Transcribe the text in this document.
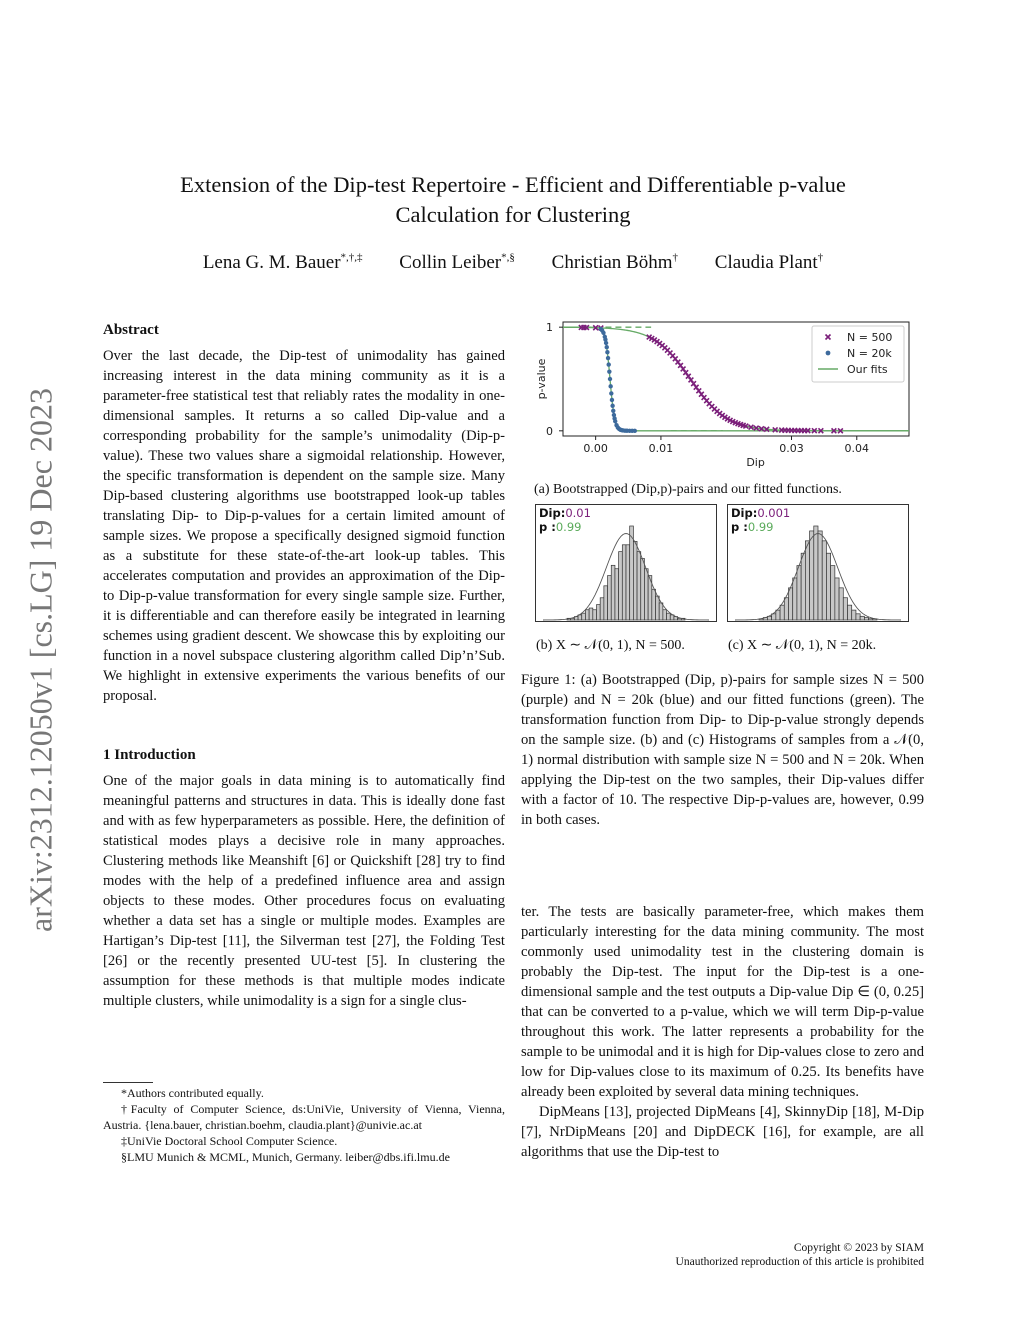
arXiv:2312.12050v1 [cs.LG] 19 Dec 2023
Extension of the Dip-test Repertoire - Efficient and Differentiable p-value
Calculation for Clustering
Lena G. M. Bauer*,†,‡ Collin Leiber*,§ Christian Böhm† Claudia Plant†
Abstract

Over the last decade, the Dip-test of unimodality has gained increasing interest in the data mining community as it is a parameter-free statistical test that reliably rates the modality in one-dimensional samples. It returns a so called Dip-value and a corresponding probability for the sample’s unimodality (Dip-p-value). These two values share a sigmoidal relationship. However, the specific transformation is dependent on the sample size. Many Dip-based clustering algorithms use bootstrapped look-up tables translating Dip- to Dip-p-values for a certain limited amount of sample sizes. We propose a specifically designed sigmoid function as a substitute for these state-of-the-art look-up tables. This accelerates computation and provides an approximation of the Dip- to Dip-p-value transformation for every single sample size. Further, it is differentiable and can therefore easily be integrated in learning schemes using gradient descent. We showcase this by exploiting our function in a novel subspace clustering algorithm called Dip’n’Sub. We highlight in extensive experiments the various benefits of our proposal.

1 Introduction

One of the major goals in data mining is to automatically find meaningful patterns and structures in data. This is ideally done fast and with as few hyperparameters as possible. Here, the definition of statistical modes plays a decisive role in many approaches. Clustering methods like Meanshift [6] or Quickshift [28] try to find modes with the help of a predefined influence area and assign objects to these modes. Other procedures focus on evaluating whether a data set has a single or multiple modes. Examples are Hartigan’s Dip-test [11], the Silverman test [27], the Folding Test [26] or the recently presented UU-test [5]. In clustering the assumption for these methods is that multiple modes indicate multiple clusters, while unimodality is a sign for a single clus-

*Authors contributed equally.

†Faculty of Computer Science, ds:UniVie, University of Vienna, Vienna, Austria. {lena.bauer, christian.boehm, claudia.plant}@univie.ac.at

‡UniVie Doctoral School Computer Science.

§LMU Munich & MCML, Munich, Germany. leiber@dbs.ifi.lmu.de

0.00	0.01	0.03	0.04
0
1
Dip
p-value
N = 500
N = 20k
Our fits
(a) Bootstrapped (Dip,p)-pairs and our fitted functions.
Dip:0.01
p :0.99
Dip:0.001
p :0.99
(b) X ∼ 𝒩(0, 1), N = 500.	(c) X ∼ 𝒩(0, 1), N = 20k.

Figure 1: (a) Bootstrapped (Dip, p)-pairs for sample sizes N = 500 (purple) and N = 20k (blue) and our fitted functions (green). The transformation function from Dip- to Dip-p-value strongly depends on the sample size. (b) and (c) Histograms of samples from a 𝒩(0, 1) normal distribution with sample size N = 500 and N = 20k. When applying the Dip-test on the two samples, their Dip-values differ with a factor of 10. The respective Dip-p-values are, however, 0.99 in both cases.

ter. The tests are basically parameter-free, which makes them particularly interesting for the data mining community. The most commonly used unimodality test in the clustering domain is probably the Dip-test. The input for the Dip-test is a one-dimensional sample and the test outputs a Dip-value Dip ∈ (0, 0.25] that can be converted to a p-value, which we will term Dip-p-value throughout this work. The latter represents a probability for the sample to be unimodal and it is high for Dip-values close to zero and low for Dip-values close to its maximum of 0.25. Its benefits have already been exploited by several data mining techniques.

DipMeans [13], projected DipMeans [4], SkinnyDip [18], M-Dip [7], NrDipMeans [20] and DipDECK [16], for example, are all algorithms that use the Dip-test to

Copyright © 2023 by SIAM
Unauthorized reproduction of this article is prohibited
